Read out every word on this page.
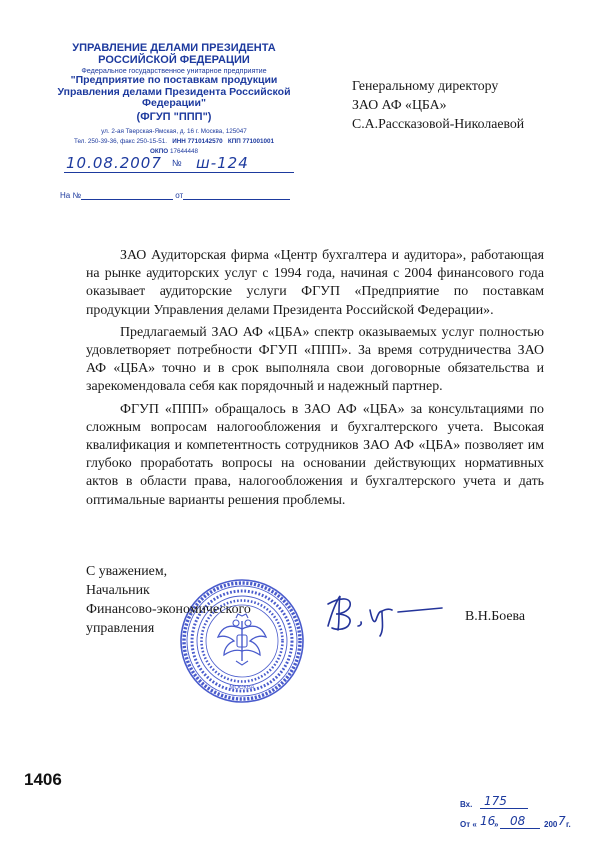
УПРАВЛЕНИЕ ДЕЛАМИ ПРЕЗИДЕНТА
РОССИЙСКОЙ ФЕДЕРАЦИИ
Федеральное государственное унитарное предприятие
"Предприятие по поставкам продукции
Управления делами Президента Российской
Федерации"
(ФГУП "ППП")
ул. 2-ая Тверская-Ямская, д. 16 г. Москва, 125047
Тел. 250-39-36, факс 250-15-51. ИНН 7710142570 КПП 771001001
ОКПО 17644448
10.08.2007 № ш-124
На №	от
Генеральному директору
ЗАО АФ «ЦБА»
С.А.Рассказовой-Николаевой

ЗАО Аудиторская фирма «Центр бухгалтера и аудитора», работающая на рынке аудиторских услуг с 1994 года, начиная с 2004 финансового года оказывает аудиторские услуги ФГУП «Предприятие по поставкам продукции Управления делами Президента Российской Федерации».

Предлагаемый ЗАО АФ «ЦБА» спектр оказываемых услуг полностью удовлетворяет потребности ФГУП «ППП». За время сотрудничества ЗАО АФ «ЦБА» точно и в срок выполняла свои договорные обязательства и зарекомендовала себя как порядочный и надежный партнер.

ФГУП «ППП» обращалось в ЗАО АФ «ЦБА» за консультациями по сложным вопросам налогообложения и бухгалтерского учета. Высокая квалификация и компетентность сотрудников ЗАО АФ «ЦБА» позволяет им глубоко проработать вопросы на основании действующих нормативных актов в области права, налогообложения и бухгалтерского учета и дать оптимальные варианты решения проблемы.

МОСКВА
С уважением,
Начальник
Финансово-экономического
управления
В.Н.Боева
1406
Вх. 175
От « 16
» 08 200 7 г.
